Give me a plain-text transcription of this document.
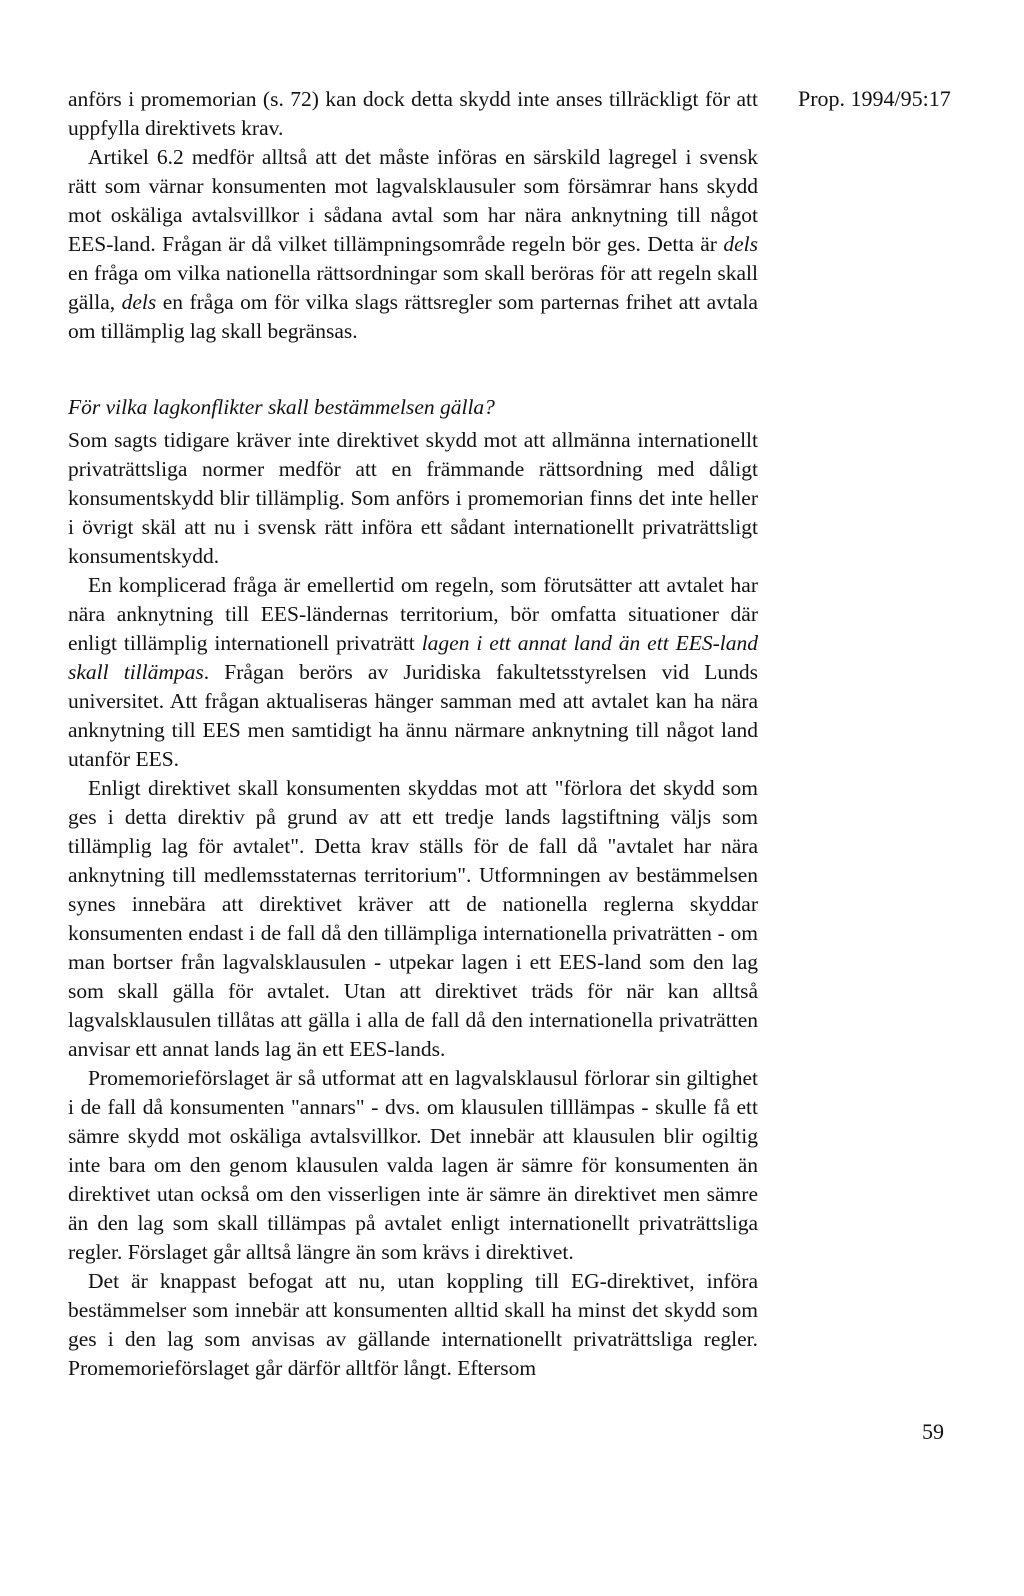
Prop. 1994/95:17

anförs i promemorian (s. 72) kan dock detta skydd inte anses tillräckligt för att uppfylla direktivets krav.

Artikel 6.2 medför alltså att det måste införas en särskild lagregel i svensk rätt som värnar konsumenten mot lagvalsklausuler som försämrar hans skydd mot oskäliga avtalsvillkor i sådana avtal som har nära anknytning till något EES-land. Frågan är då vilket tillämpningsområde regeln bör ges. Detta är dels en fråga om vilka nationella rättsordningar som skall beröras för att regeln skall gälla, dels en fråga om för vilka slags rättsregler som parternas frihet att avtala om tillämplig lag skall begränsas.

För vilka lagkonflikter skall bestämmelsen gälla?

Som sagts tidigare kräver inte direktivet skydd mot att allmänna internationellt privaträttsliga normer medför att en främmande rättsordning med dåligt konsumentskydd blir tillämplig. Som anförs i promemorian finns det inte heller i övrigt skäl att nu i svensk rätt införa ett sådant internationellt privaträttsligt konsumentskydd.

En komplicerad fråga är emellertid om regeln, som förutsätter att avtalet har nära anknytning till EES-ländernas territorium, bör omfatta situationer där enligt tillämplig internationell privaträtt lagen i ett annat land än ett EES-land skall tillämpas. Frågan berörs av Juridiska fakultetsstyrelsen vid Lunds universitet. Att frågan aktualiseras hänger samman med att avtalet kan ha nära anknytning till EES men samtidigt ha ännu närmare anknytning till något land utanför EES.

Enligt direktivet skall konsumenten skyddas mot att "förlora det skydd som ges i detta direktiv på grund av att ett tredje lands lagstiftning väljs som tillämplig lag för avtalet". Detta krav ställs för de fall då "avtalet har nära anknytning till medlemsstaternas territorium". Utformningen av bestämmelsen synes innebära att direktivet kräver att de nationella reglerna skyddar konsumenten endast i de fall då den tillämpliga internationella privaträtten - om man bortser från lagvalsklausulen - utpekar lagen i ett EES-land som den lag som skall gälla för avtalet. Utan att direktivet träds för när kan alltså lagvalsklausulen tillåtas att gälla i alla de fall då den internationella privaträtten anvisar ett annat lands lag än ett EES-lands.

Promemorieförslaget är så utformat att en lagvalsklausul förlorar sin giltighet i de fall då konsumenten "annars" - dvs. om klausulen tilllämpas - skulle få ett sämre skydd mot oskäliga avtalsvillkor. Det innebär att klausulen blir ogiltig inte bara om den genom klausulen valda lagen är sämre för konsumenten än direktivet utan också om den visserligen inte är sämre än direktivet men sämre än den lag som skall tillämpas på avtalet enligt internationellt privaträttsliga regler. Förslaget går alltså längre än som krävs i direktivet.

Det är knappast befogat att nu, utan koppling till EG-direktivet, införa bestämmelser som innebär att konsumenten alltid skall ha minst det skydd som ges i den lag som anvisas av gällande internationellt privaträttsliga regler. Promemorieförslaget går därför alltför långt. Eftersom

59
